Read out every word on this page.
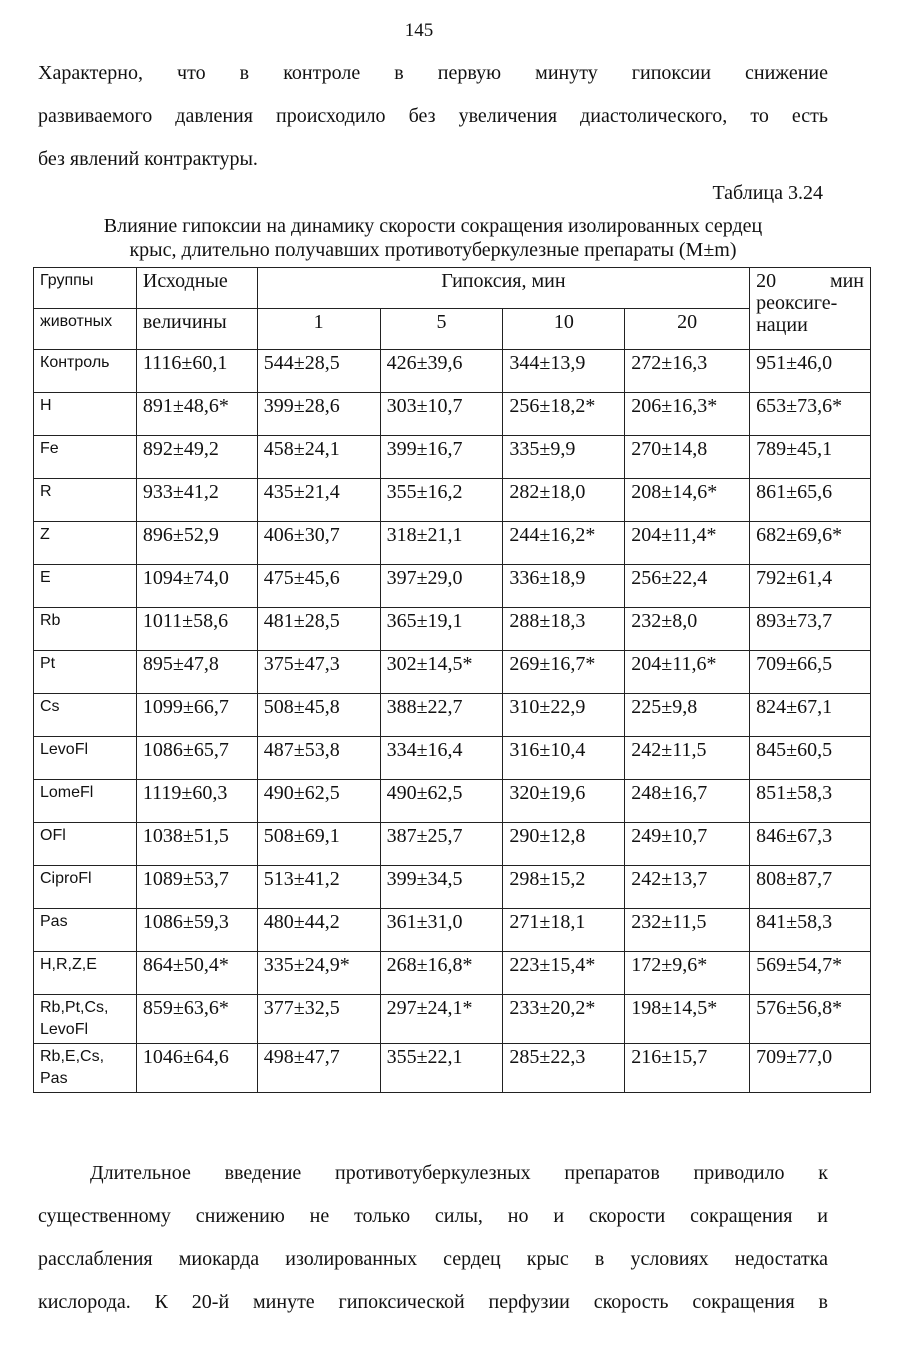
145
Характерно, что в контроле в первую минуту гипоксии снижение
развиваемого давления происходило без увеличения диастолического, то есть
без явлений контрактуры.
Таблица 3.24
Влияние гипоксии на динамику скорости сокращения изолированных сердец
крыс, длительно получавших противотуберкулезные препараты (M±m)
Группы	Исходные	Гипоксия, мин				20 мин
реоксиге-
нации

животных	величины	1	5	10	20	
Контроль	1116±60,1	544±28,5	426±39,6	344±13,9	272±16,3	951±46,0
H	891±48,6*	399±28,6	303±10,7	256±18,2*	206±16,3*	653±73,6*
Fe	892±49,2	458±24,1	399±16,7	335±9,9	270±14,8	789±45,1
R	933±41,2	435±21,4	355±16,2	282±18,0	208±14,6*	861±65,6
Z	896±52,9	406±30,7	318±21,1	244±16,2*	204±11,4*	682±69,6*
E	1094±74,0	475±45,6	397±29,0	336±18,9	256±22,4	792±61,4
Rb	1011±58,6	481±28,5	365±19,1	288±18,3	232±8,0	893±73,7
Pt	895±47,8	375±47,3	302±14,5*	269±16,7*	204±11,6*	709±66,5
Cs	1099±66,7	508±45,8	388±22,7	310±22,9	225±9,8	824±67,1
LevoFl	1086±65,7	487±53,8	334±16,4	316±10,4	242±11,5	845±60,5
LomeFl	1119±60,3	490±62,5	490±62,5	320±19,6	248±16,7	851±58,3
OFl	1038±51,5	508±69,1	387±25,7	290±12,8	249±10,7	846±67,3
CiproFl	1089±53,7	513±41,2	399±34,5	298±15,2	242±13,7	808±87,7
Pas	1086±59,3	480±44,2	361±31,0	271±18,1	232±11,5	841±58,3
H,R,Z,E	864±50,4*	335±24,9*	268±16,8*	223±15,4*	172±9,6*	569±54,7*
Rb,Pt,Cs, LevoFl	859±63,6*	377±32,5	297±24,1*	233±20,2*	198±14,5*	576±56,8*
Rb,E,Cs, Pas	1046±64,6	498±47,7	355±22,1	285±22,3	216±15,7	709±77,0
Длительное введение противотуберкулезных препаратов приводило к
существенному снижению не только силы, но и скорости сокращения и
расслабления миокарда изолированных сердец крыс в условиях недостатка
кислорода. К 20-й минуте гипоксической перфузии скорость сокращения в
